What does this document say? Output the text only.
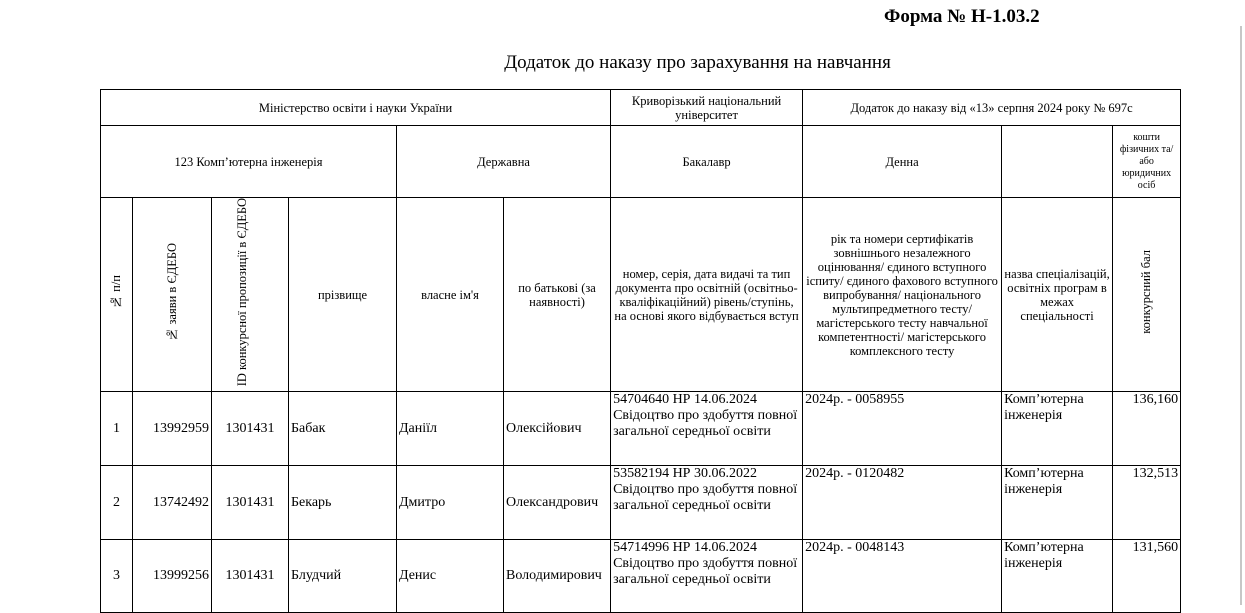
Форма № Н-1.03.2
Додаток до наказу про зарахування на навчання
Міністерство освіти і науки України						Криворізький національний університет	Додаток до наказу від «13» серпня 2024 року № 697с		
123 Комп’ютерна інженерія				Державна		Бакалавр	Денна		кошти фізичних та/або юридичних осіб
№ п/п	№ заяви в ЄДЕБО	ID конкурсної пропозиції в ЄДЕБО	прізвище	власне ім'я	по батькові (за наявності)	номер, серія, дата видачі та тип документа про освітній (освітньо-кваліфікаційний) рівень/ступінь, на основі якого відбувається вступ	рік та номери сертифікатів зовнішнього незалежного оцінювання/ єдиного вступного іспиту/ єдиного фахового вступного випробування/ національного мультипредметного тесту/ магістерського тесту навчальної компетентності/ магістерського комплексного тесту	назва спеціалізацій, освітніх програм в межах спеціальності	конкурсний бал
1	13992959	1301431	Бабак	Даніїл	Олексійович	54704640 НР 14.06.2024 Свідоцтво про здобуття повної загальної середньої освіти	2024р. - 0058955	Комп’ютерна інженерія	136,160
2	13742492	1301431	Бекарь	Дмитро	Олександрович	53582194 НР 30.06.2022 Свідоцтво про здобуття повної загальної середньої освіти	2024р. - 0120482	Комп’ютерна інженерія	132,513
3	13999256	1301431	Блудчий	Денис	Володимирович	54714996 НР 14.06.2024 Свідоцтво про здобуття повної загальної середньої освіти	2024р. - 0048143	Комп’ютерна інженерія	131,560
